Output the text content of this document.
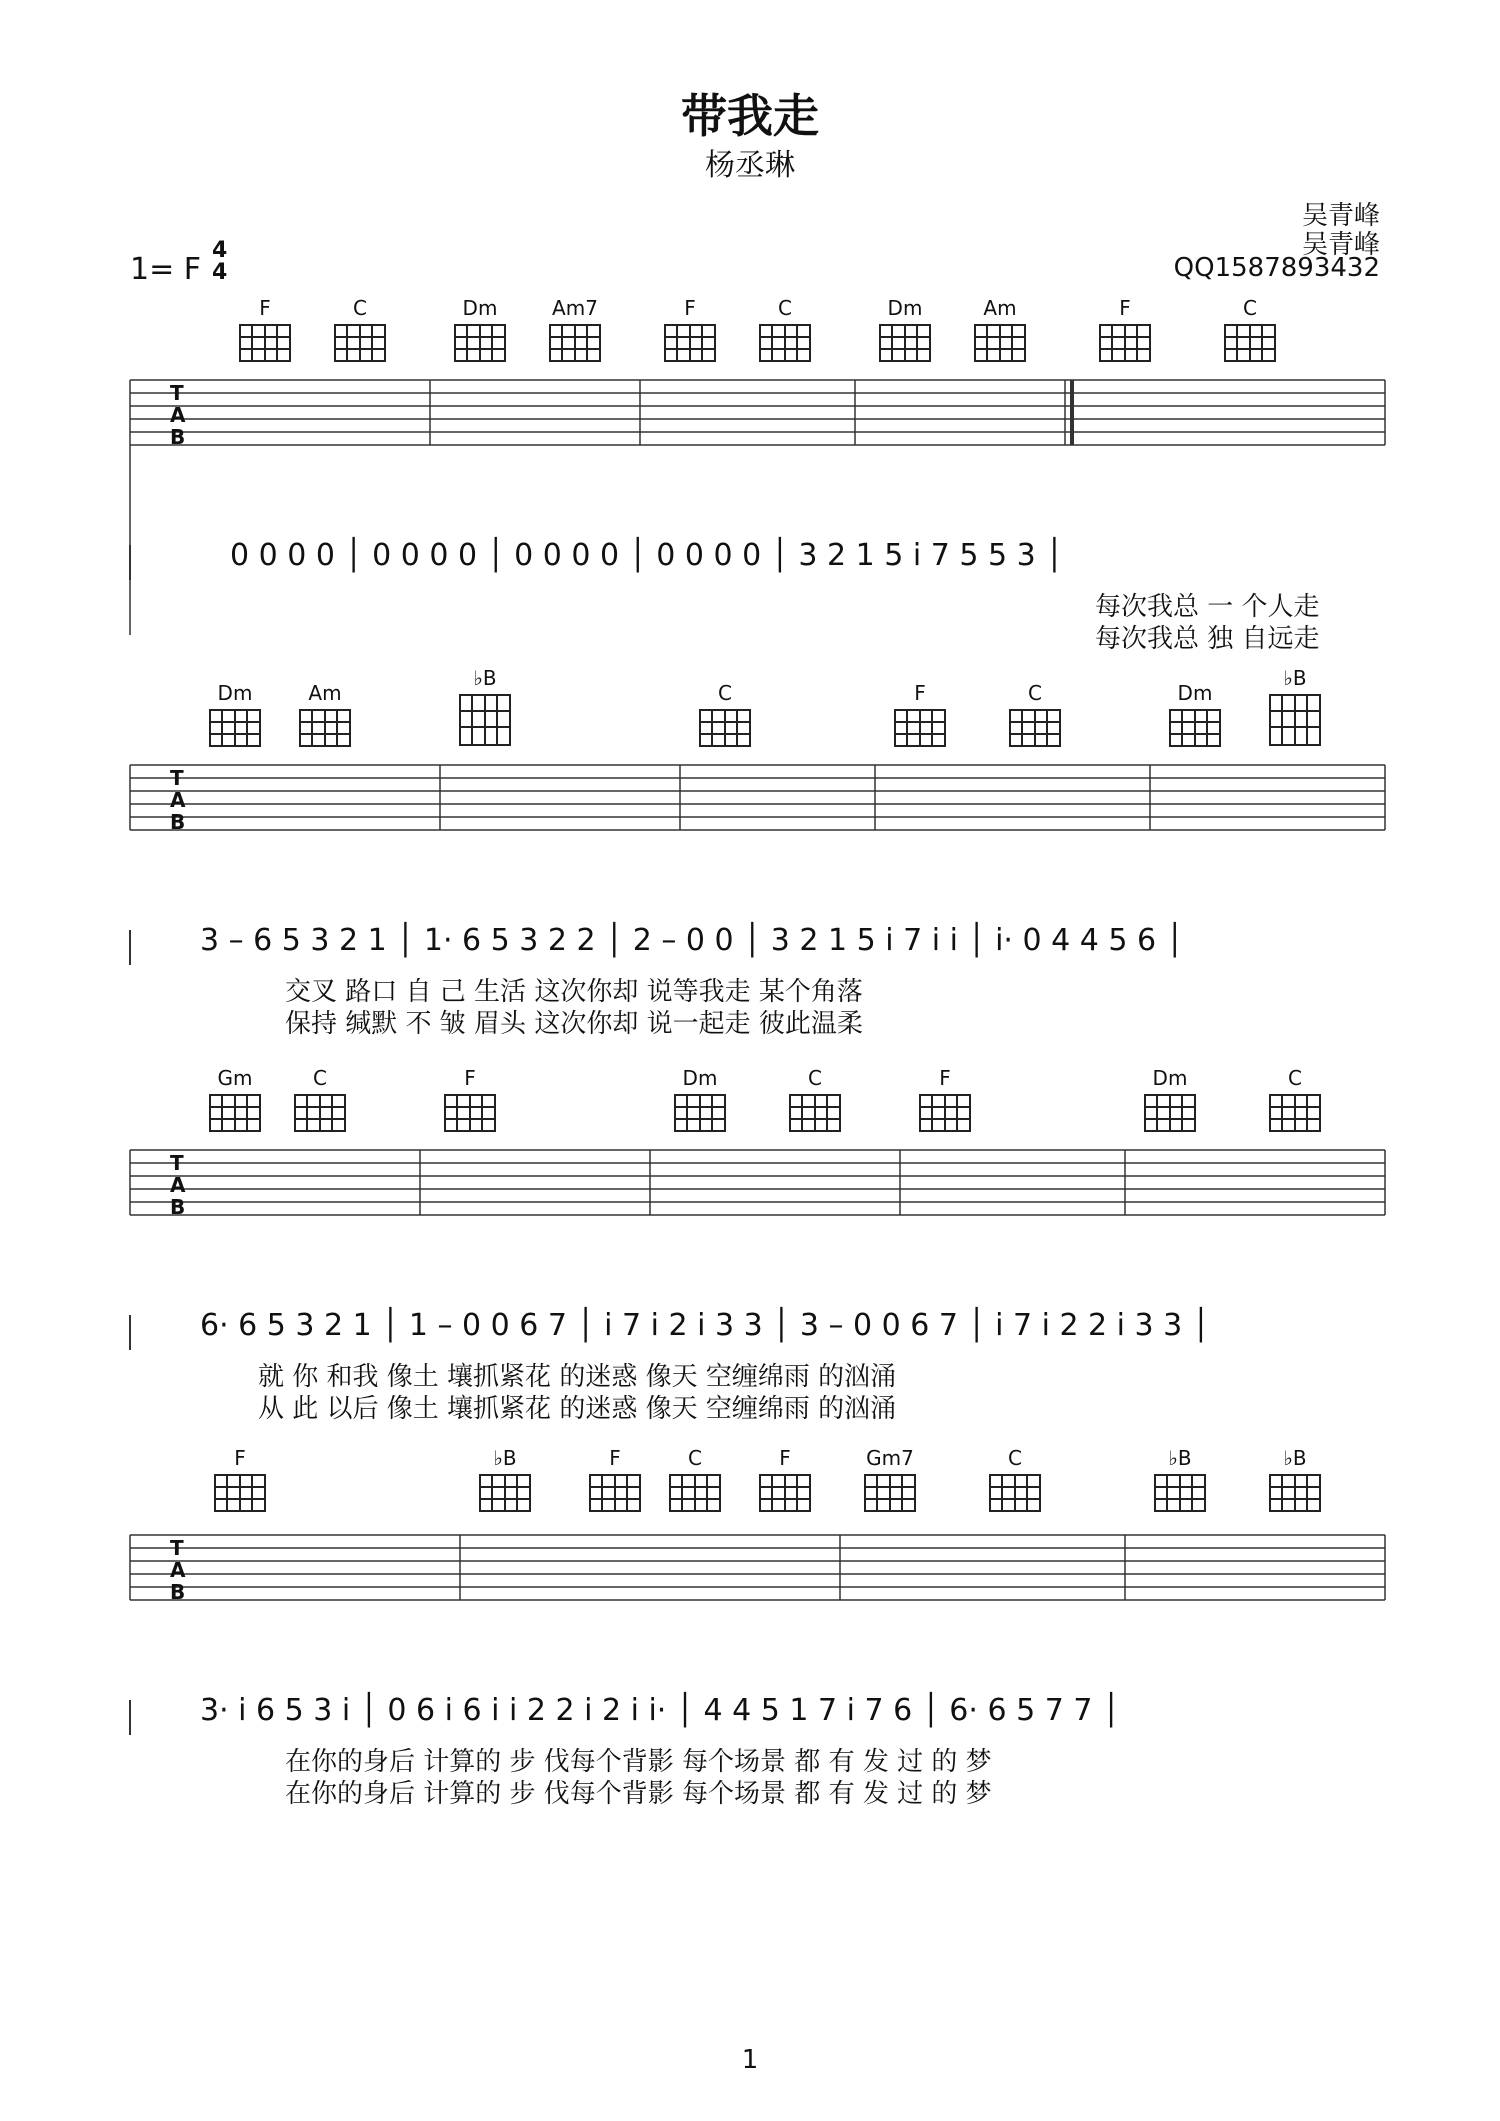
带我走
杨丞琳
吴青峰
吴青峰
QQ1587893432
1= F
4
4
F	C	Dm	Am7	F	C	Dm	Am	F	C
T
A
B
0 0 0 0 │ 0 0 0 0 │ 0 0 0 0 │ 0 0 0 0 │ 3 2 1 5 i 7 5 5 3 │
每次我总 一 个人走
每次我总 独 自远走
Dm	Am
♭B
C	F	C	Dm
♭B
T
A
B
3 – 6 5 3 2 1 │ 1· 6 5 3 2 2 │ 2 – 0 0 │ 3 2 1 5 i 7 i i │ i· 0 4 4 5 6 │
交叉 路口 自 己 生活 这次你却 说等我走 某个角落
保持 缄默 不 皱 眉头 这次你却 说一起走 彼此温柔
Gm	C	F	Dm	C	F	Dm	C
T
A
B
6· 6 5 3 2 1 │ 1 – 0 0 6 7 │ i 7 i 2 i 3 3 │ 3 – 0 0 6 7 │ i 7 i 2 2 i 3 3 │
就 你 和我 像土 壤抓紧花 的迷惑 像天 空缠绵雨 的汹涌
从 此 以后 像土 壤抓紧花 的迷惑 像天 空缠绵雨 的汹涌
F	♭B	F	C	F	Gm7	C	♭B	♭B
T
A
B
3· i 6 5 3 i │ 0 6 i 6 i i 2 2 i 2 i i· │ 4 4 5 1 7 i 7 6 │ 6· 6 5 7 7 │
在你的身后 计算的 步 伐每个背影 每个场景 都 有 发 过 的 梦
在你的身后 计算的 步 伐每个背影 每个场景 都 有 发 过 的 梦
1
